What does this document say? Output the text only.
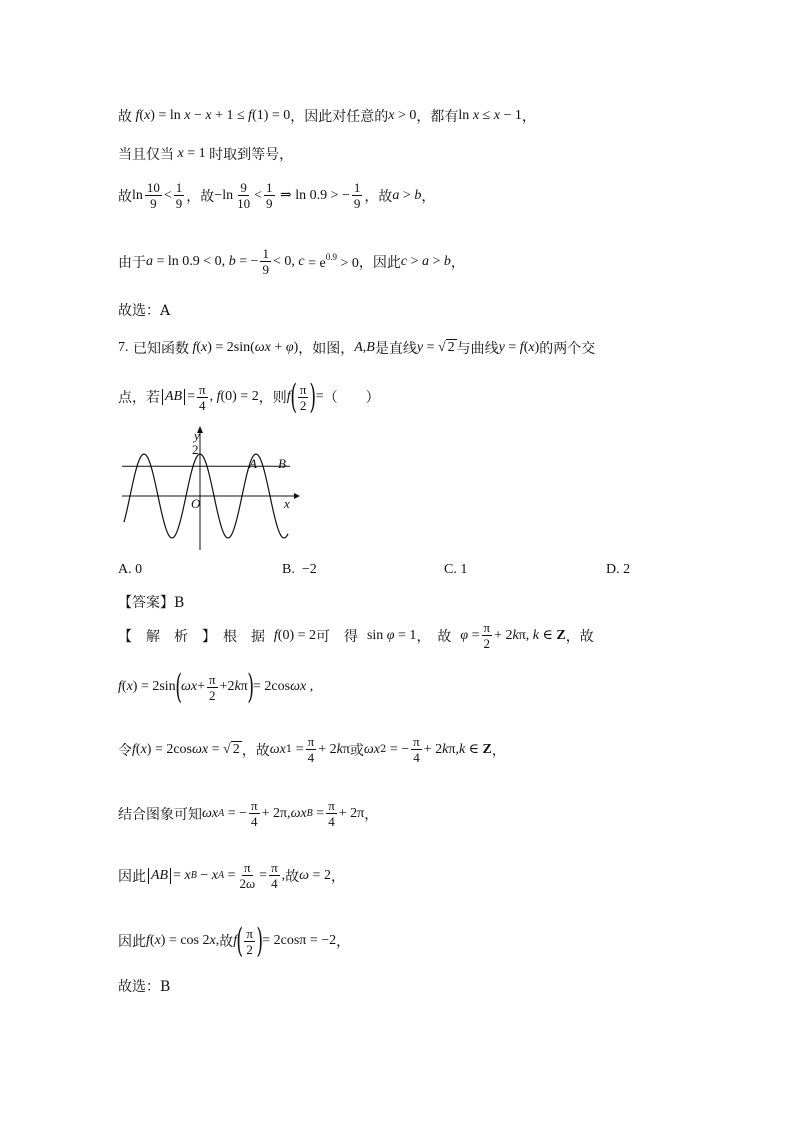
故 f ( x ) = ln x − x + 1 ≤ f (1) = 0 ，因此对任意的 x > 0 ，都有 ln x ≤ x − 1 ，
当且仅当 x = 1 时取到等号，
故 ln 10
9
< 1
9 ，故 −ln 9
10
< 1
9
⇒ ln 0.9 > − $\frac{1}{9}$ ，故 a > b ，
由于 a = ln 0.9 < 0, b = − $\frac{1}{9} < 0$, $c = e^{0.9} > 0$ ，因此 c > a > b ，
故选：A
7.
已知函数 f ( x ) = 2sin( ωx + φ ) ，如图， A , B 是直线 y = √ 2 与曲线 y = f ( x ) 的两个交
点，若 AB = $\frac{\pi}{4}$ , f (0) = 2 ，则 f ( π
2 ) = （　　）
y
x
O
2
A B
A. 0	B. −2	C. 1	D. 2
【答案】B
【　解　析　】　根　据
f (0) = 2 可　得
sin φ = 1 ，　故
$\varphi = \frac{\pi}{2} + 2$ k π, k ∈ Z ，故
f ( x ) = 2sin ( $\omega x + \frac{\pi}{2} +2$ k π ) = 2cos ωx ,
令 f ( x ) = 2cos ωx = √ 2 ，故 ωx $1 = \frac{\pi}{4} + 2$ k π 或 ωx 2 = − $\frac{\pi}{4} + 2$ k π, k ∈ Z ，
结合图象可知 ωx A = − $\frac{\pi}{4} + 2\pi$, ωx $B = \frac{\pi}{4} + 2\pi$ ，
因此 AB = x B − x $A = \frac{\pi}{2\omega} = \frac{\pi}{4}$ , 故 ω = 2 ，
因此 f ( x ) = cos 2 x , 故 f ( π
2 ) = 2cosπ = −2 ，
故选：B
